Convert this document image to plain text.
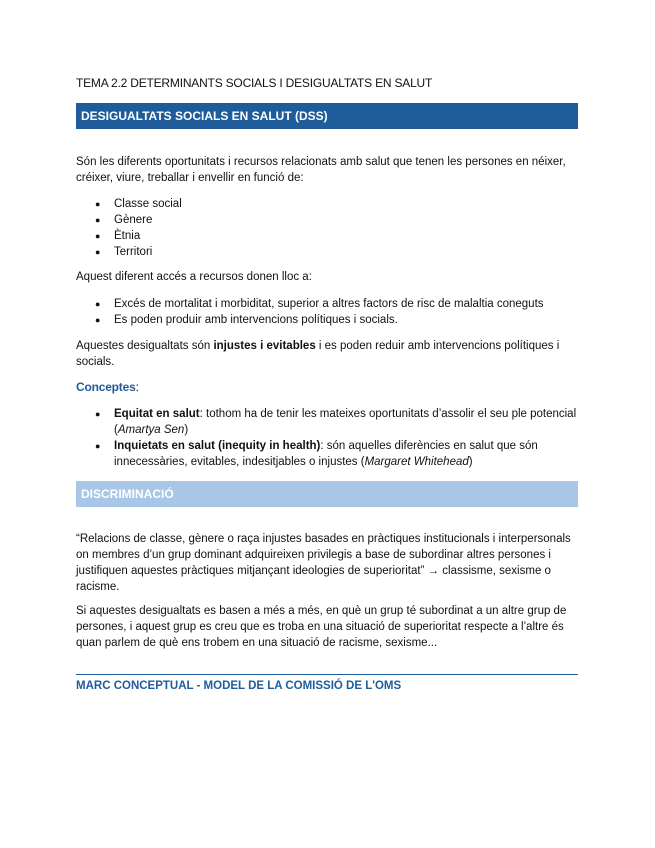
TEMA 2.2 DETERMINANTS SOCIALS I DESIGUALTATS EN SALUT
DESIGUALTATS SOCIALS EN SALUT (DSS)

Són les diferents oportunitats i recursos relacionats amb salut que tenen les persones en néixer, créixer, viure, treballar i envellir en funció de:

● Classe social
● Gènere
● Ètnia
● Territori

Aquest diferent accés a recursos donen lloc a:

● Excés de mortalitat i morbiditat, superior a altres factors de risc de malaltia coneguts
● Es poden produir amb intervencions polítiques i socials.

Aquestes desigualtats són injustes i evitables i es poden reduir amb intervencions polítiques i socials.

Conceptes:

● Equitat en salut: tothom ha de tenir les mateixes oportunitats d’assolir el seu ple potencial (Amartya Sen)
● Inquietats en salut (inequity in health): són aquelles diferències en salut que són innecessàries, evitables, indesitjables o injustes (Margaret Whitehead)
DISCRIMINACIÓ

“Relacions de classe, gènere o raça injustes basades en pràctiques institucionals i interpersonals on membres d’un grup dominant adquireixen privilegis a base de subordinar altres persones i justifiquen aquestes pràctiques mitjançant ideologies de superioritat” → classisme, sexisme o racisme.

Si aquestes desigualtats es basen a més a més, en què un grup té subordinat a un altre grup de persones, i aquest grup es creu que es troba en una situació de superioritat respecte a l’altre és quan parlem de què ens trobem en una situació de racisme, sexisme...

MARC CONCEPTUAL - MODEL DE LA COMISSIÓ DE L'OMS
